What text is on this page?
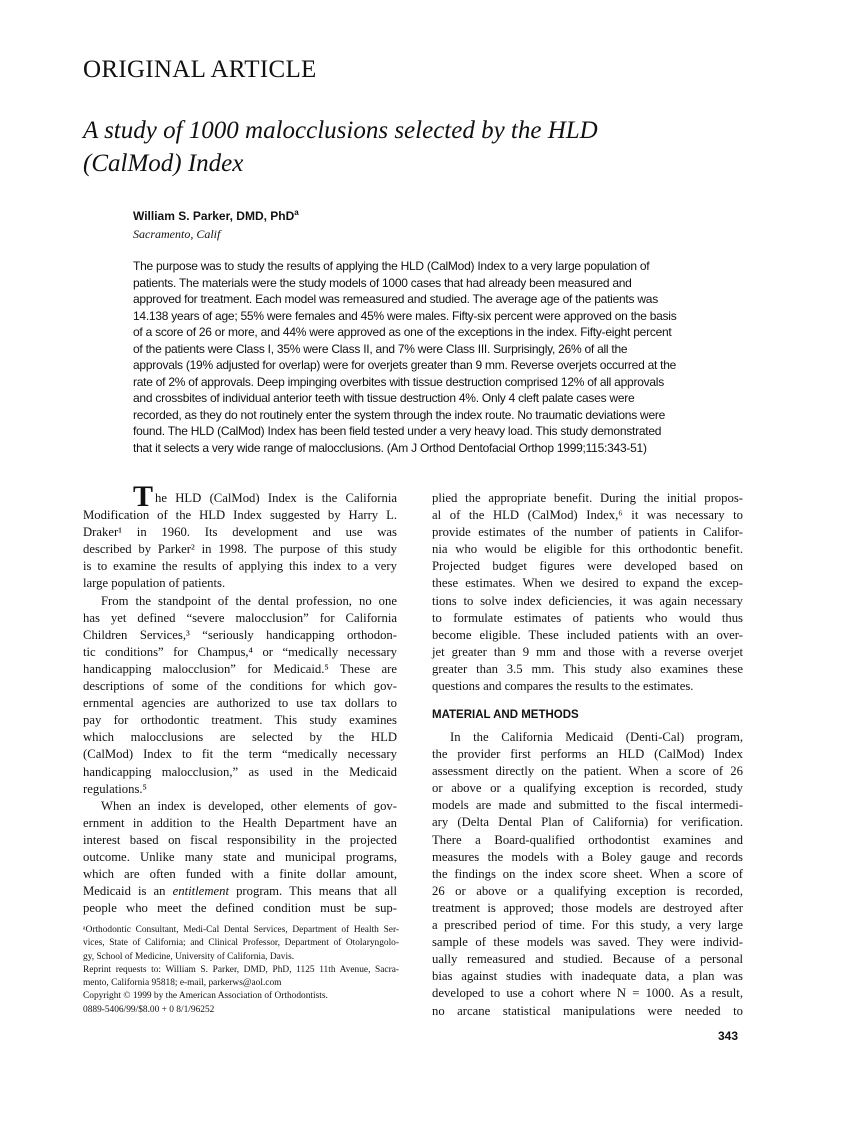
ORIGINAL ARTICLE
A study of 1000 malocclusions selected by the HLD
(CalMod) Index
William S. Parker, DMD, PhD$^a$
Sacramento, Calif
The purpose was to study the results of applying the HLD (CalMod) Index to a very large population of
patients. The materials were the study models of 1000 cases that had already been measured and
approved for treatment. Each model was remeasured and studied. The average age of the patients was
14.138 years of age; 55% were females and 45% were males. Fifty-six percent were approved on the basis
of a score of 26 or more, and 44% were approved as one of the exceptions in the index. Fifty-eight percent
of the patients were Class I, 35% were Class II, and 7% were Class III. Surprisingly, 26% of all the
approvals (19% adjusted for overlap) were for overjets greater than 9 mm. Reverse overjets occurred at the
rate of 2% of approvals. Deep impinging overbites with tissue destruction comprised 12% of all approvals
and crossbites of individual anterior teeth with tissue destruction 4%. Only 4 cleft palate cases were
recorded, as they do not routinely enter the system through the index route. No traumatic deviations were
found. The HLD (CalMod) Index has been field tested under a very heavy load. This study demonstrated
that it selects a very wide range of malocclusions. (Am J Orthod Dentofacial Orthop 1999;115:343-51)
T he HLD (CalMod) Index is the California
Modification of the HLD Index suggested by Harry L.
Draker¹ in 1960. Its development and use was
described by Parker² in 1998. The purpose of this study
is to examine the results of applying this index to a very
large population of patients.
From the standpoint of the dental profession, no one
has yet defined “severe malocclusion” for California
Children Services,³ “seriously handicapping orthodon-
tic conditions” for Champus,⁴ or “medically necessary
handicapping malocclusion” for Medicaid.⁵ These are
descriptions of some of the conditions for which gov-
ernmental agencies are authorized to use tax dollars to
pay for orthodontic treatment. This study examines
which malocclusions are selected by the HLD
(CalMod) Index to fit the term “medically necessary
handicapping malocclusion,” as used in the Medicaid
regulations.⁵
When an index is developed, other elements of gov-
ernment in addition to the Health Department have an
interest based on fiscal responsibility in the projected
outcome. Unlike many state and municipal programs,
which are often funded with a finite dollar amount,
Medicaid is an entitlement program. This means that all
people who meet the defined condition must be sup-
plied the appropriate benefit. During the initial propos-
al of the HLD (CalMod) Index,⁶ it was necessary to
provide estimates of the number of patients in Califor-
nia who would be eligible for this orthodontic benefit.
Projected budget figures were developed based on
these estimates. When we desired to expand the excep-
tions to solve index deficiencies, it was again necessary
to formulate estimates of patients who would thus
become eligible. These included patients with an over-
jet greater than 9 mm and those with a reverse overjet
greater than 3.5 mm. This study also examines these
questions and compares the results to the estimates.
MATERIAL AND METHODS
In the California Medicaid (Denti-Cal) program,
the provider first performs an HLD (CalMod) Index
assessment directly on the patient. When a score of 26
or above or a qualifying exception is recorded, study
models are made and submitted to the fiscal intermedi-
ary (Delta Dental Plan of California) for verification.
There a Board-qualified orthodontist examines and
measures the models with a Boley gauge and records
the findings on the index score sheet. When a score of
26 or above or a qualifying exception is recorded,
treatment is approved; those models are destroyed after
a prescribed period of time. For this study, a very large
sample of these models was saved. They were individ-
ually remeasured and studied. Because of a personal
bias against studies with inadequate data, a plan was
developed to use a cohort where N = 1000. As a result,
no arcane statistical manipulations were needed to
ᵃOrthodontic Consultant, Medi-Cal Dental Services, Department of Health Ser-
vices, State of California; and Clinical Professor, Department of Otolaryngolo-
gy, School of Medicine, University of California, Davis.
Reprint requests to: William S. Parker, DMD, PhD, 1125 11th Avenue, Sacra-
mento, California 95818; e-mail, parkerws@aol.com
Copyright © 1999 by the American Association of Orthodontists.
0889-5406/99/$8.00 + 0 8/1/96252
343
